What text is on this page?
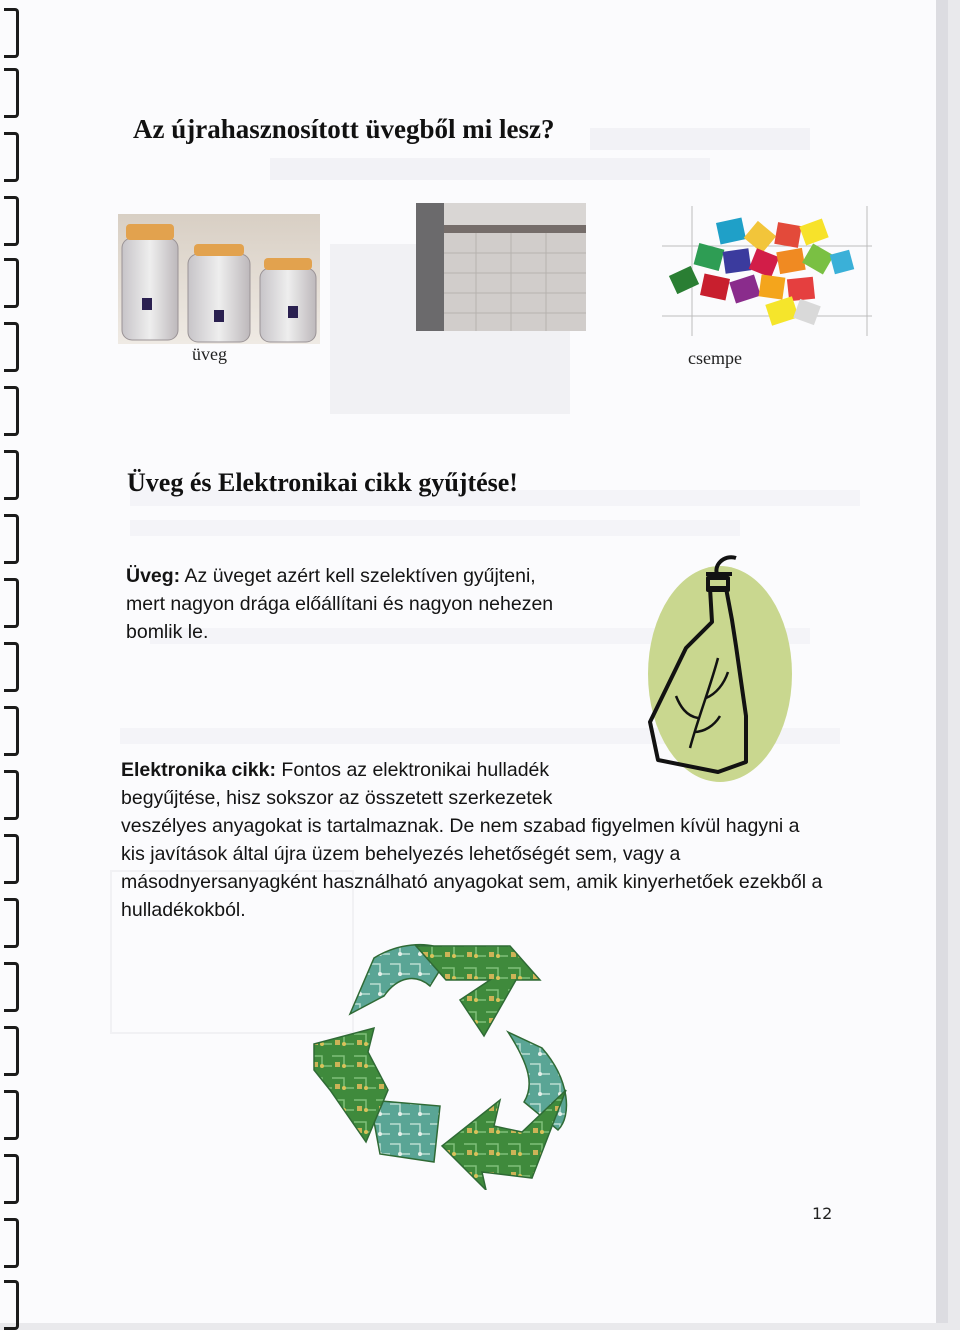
Az újrahasznosított üvegből mi lesz?
üveg	csempe
Üveg és Elektronikai cikk gyűjtése!
Üveg: Az üveget azért kell szelektíven gyűjteni,
mert nagyon drága előállítani és nagyon nehezen
bomlik le.
Elektronika cikk: Fontos az elektronikai hulladék
begyűjtése, hisz sokszor az összetett szerkezetek
veszélyes anyagokat is tartalmaznak. De nem szabad figyelmen kívül hagyni a
kis javítások által újra üzem behelyezés lehetőségét sem, vagy a
másodnyersanyagként használható anyagokat sem, amik kinyerhetőek ezekből a
hulladékokból.
12
